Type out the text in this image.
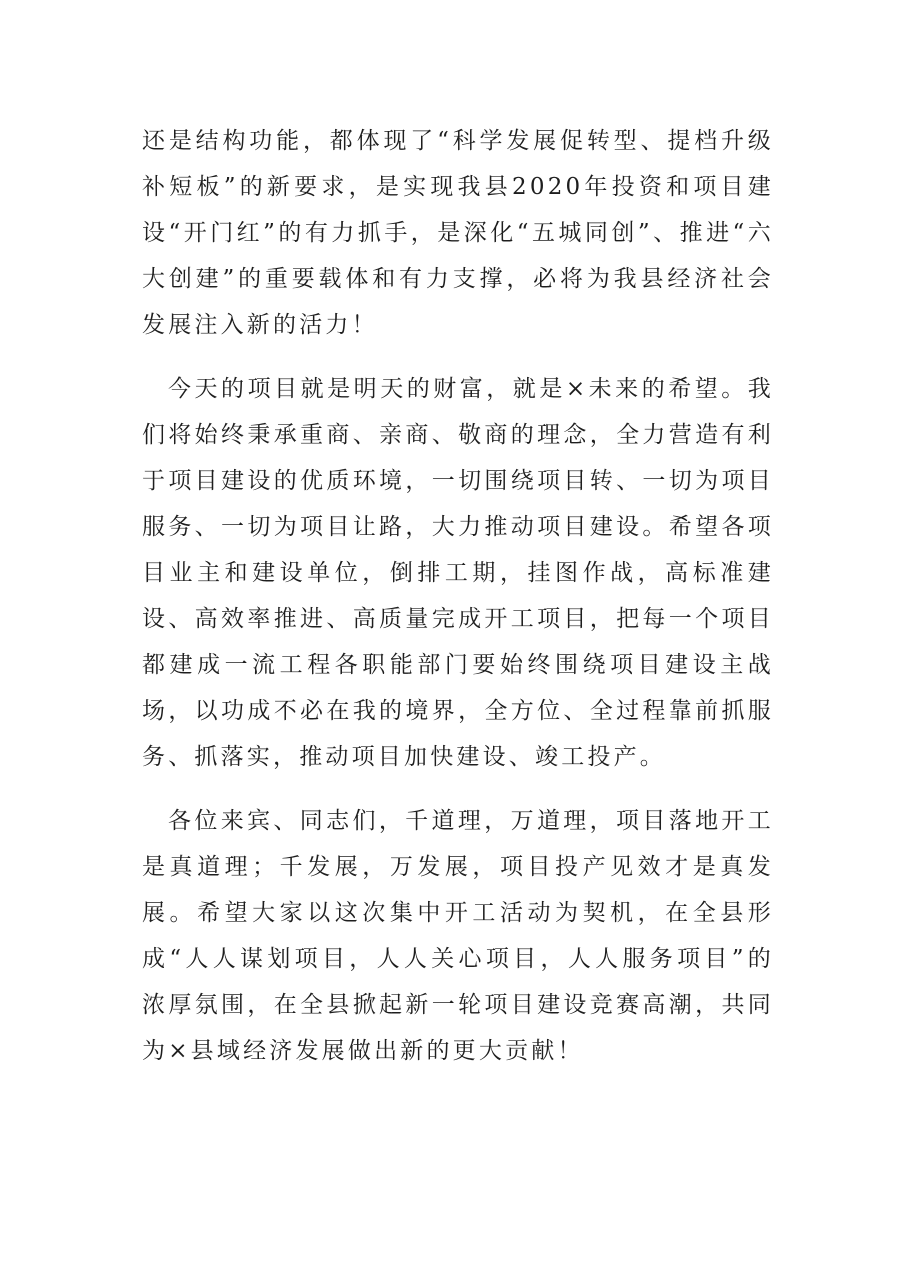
还是结构功能，都体现了“科学发展促转型、提档升级补短板”的新要求，是实现我县2020年投资和项目建设“开门红”的有力抓手，是深化“五城同创”、推进“六大创建”的重要载体和有力支撑，必将为我县经济社会发展注入新的活力！

今天的项目就是明天的财富，就是×未来的希望。我们将始终秉承重商、亲商、敬商的理念，全力营造有利于项目建设的优质环境，一切围绕项目转、一切为项目服务、一切为项目让路，大力推动项目建设。希望各项目业主和建设单位，倒排工期，挂图作战，高标准建设、高效率推进、高质量完成开工项目，把每一个项目都建成一流工程各职能部门要始终围绕项目建设主战场，以功成不必在我的境界，全方位、全过程靠前抓服务、抓落实，推动项目加快建设、竣工投产。

各位来宾、同志们，千道理，万道理，项目落地开工是真道理；千发展，万发展，项目投产见效才是真发展。希望大家以这次集中开工活动为契机，在全县形成“人人谋划项目，人人关心项目，人人服务项目”的浓厚氛围，在全县掀起新一轮项目建设竞赛高潮，共同为×县域经济发展做出新的更大贡献！
